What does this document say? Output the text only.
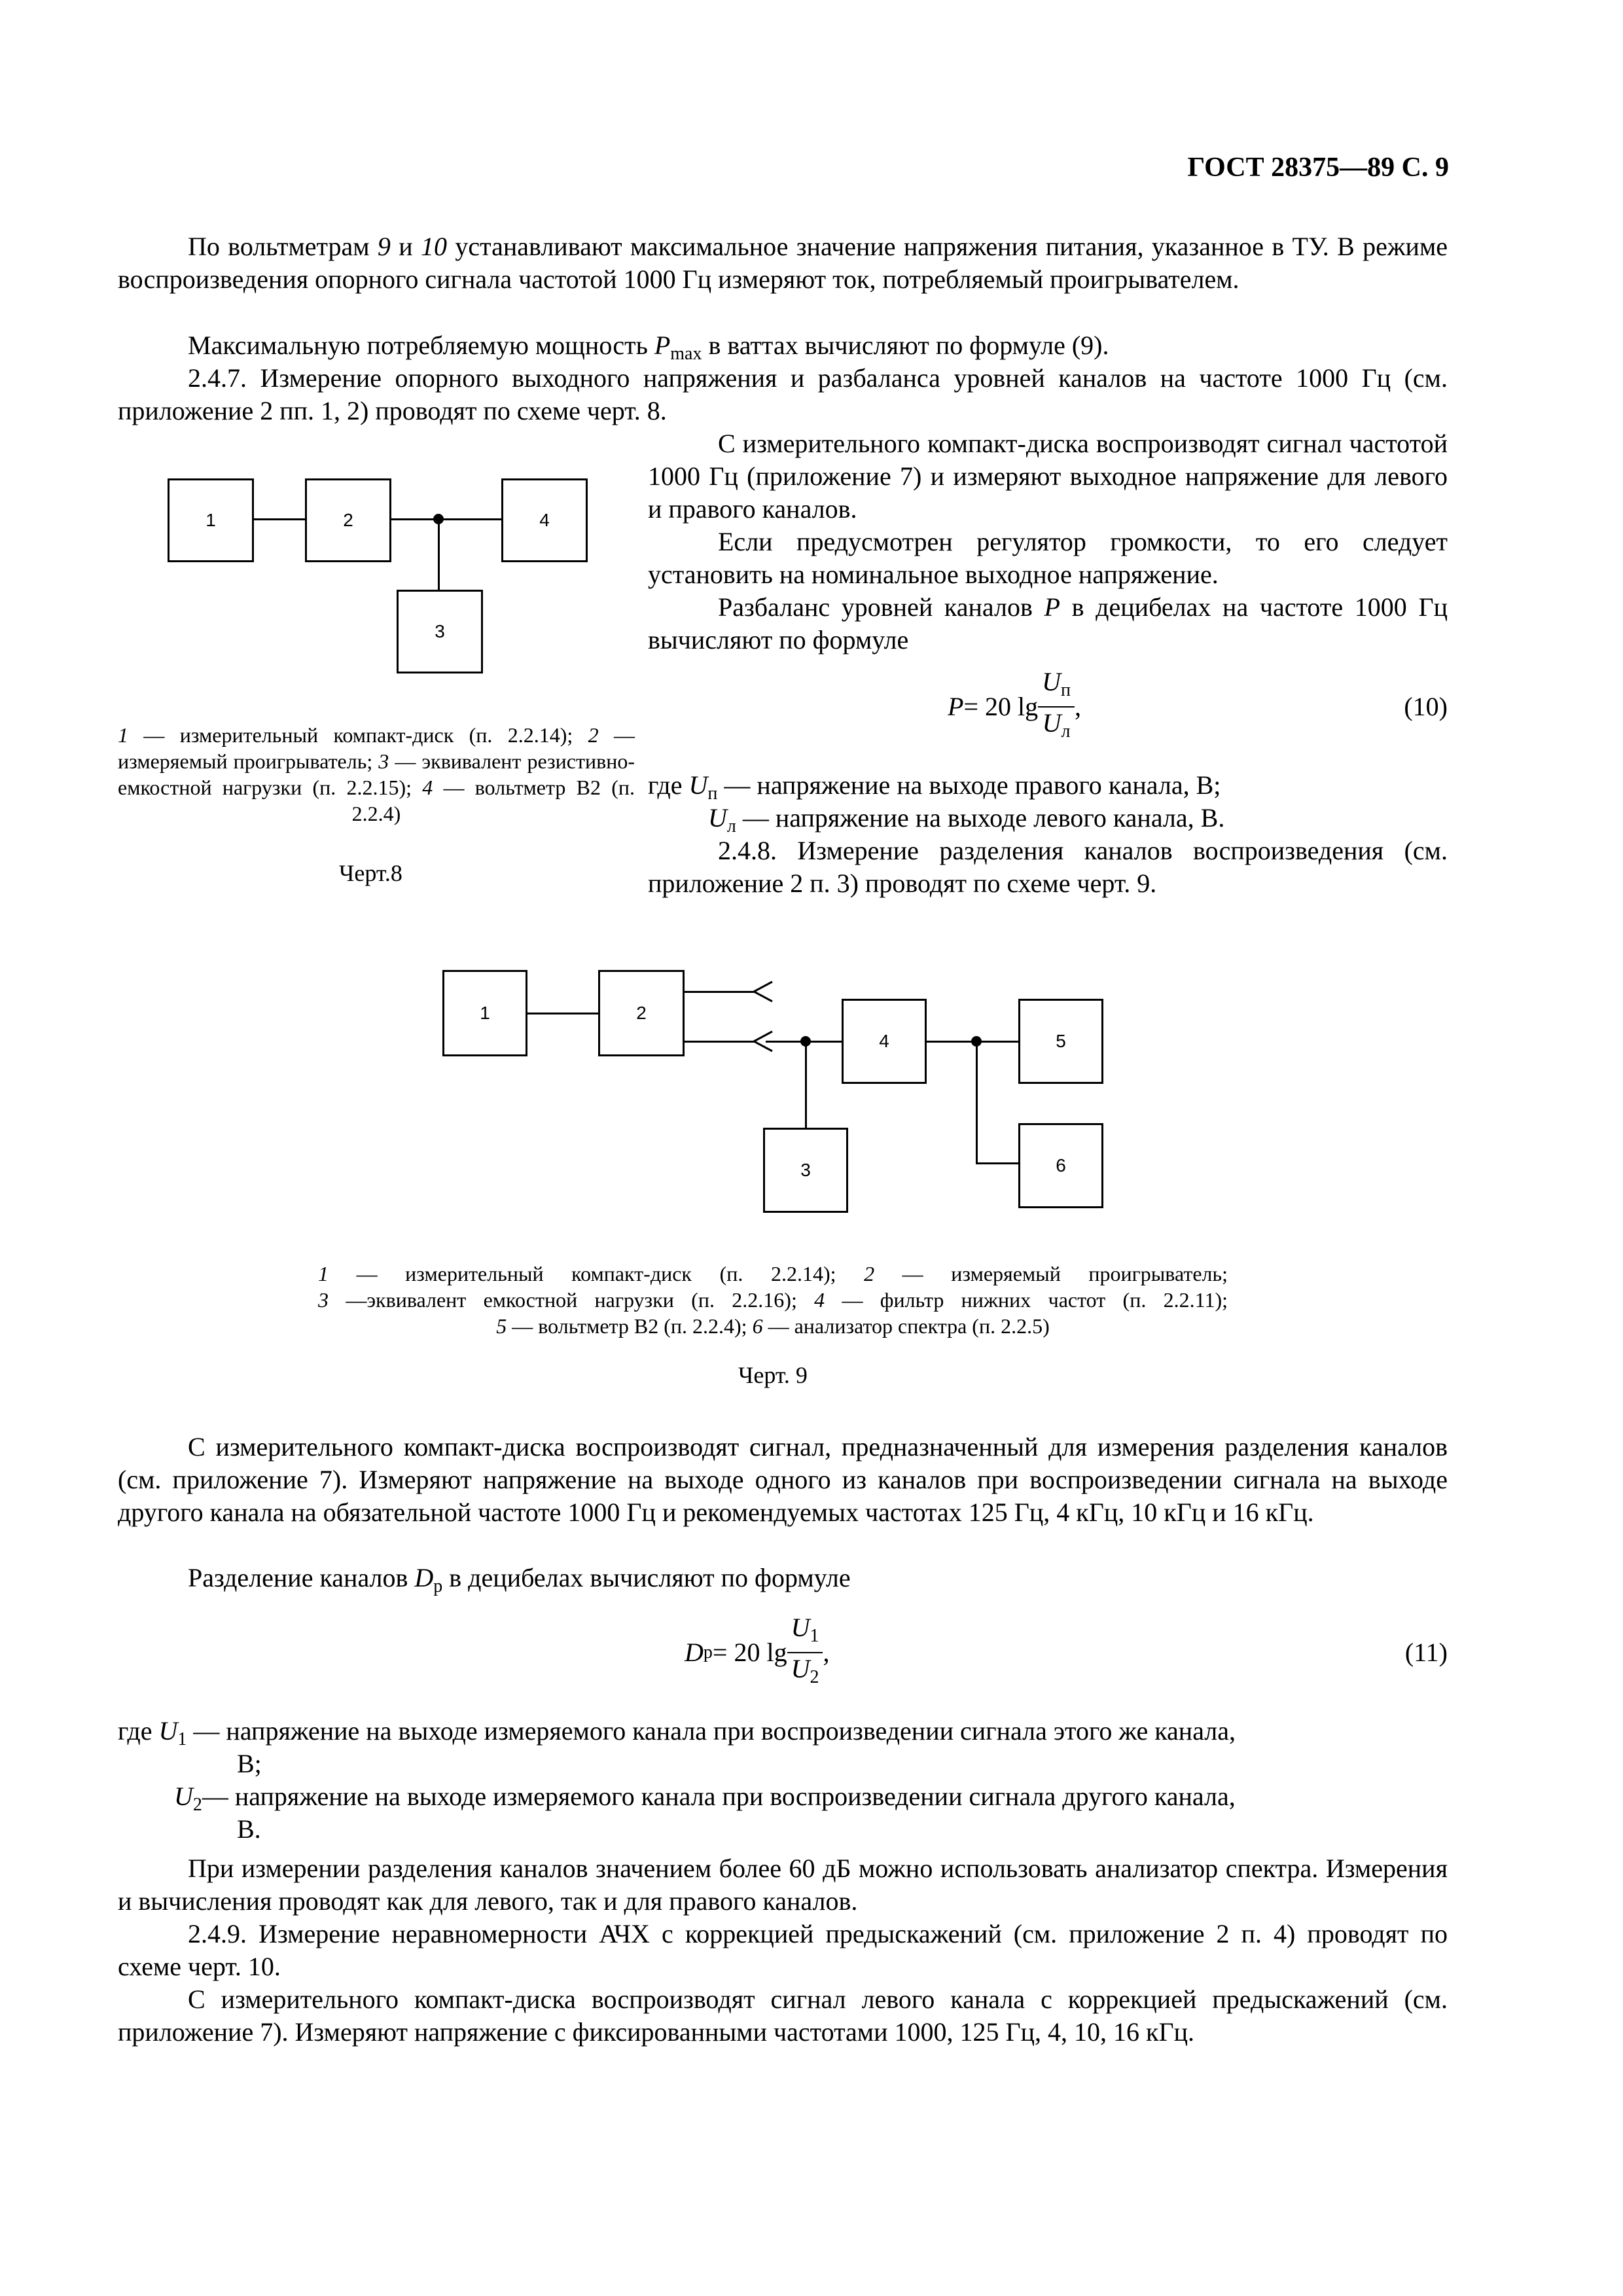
ГОСТ 28375—89 С. 9
По вольтметрам 9 и 10 устанавливают максимальное значение напряжения питания, указанное в ТУ. В режиме воспроизведения опорного сигнала частотой 1000 Гц измеряют ток, потребляемый проигрывателем.
Максимальную потребляемую мощность $P_{max}$ в ваттах вычисляют по формуле (9).
2.4.7. Измерение опорного выходного напряжения и разбаланса уровней каналов на частоте 1000 Гц (см. приложение 2 пп. 1, 2) проводят по схеме черт. 8.
С измерительного компакт-диска воспроизводят сигнал частотой 1000 Гц (приложение 7) и измеряют выходное напряжение для левого и правого каналов.
Если предусмотрен регулятор громкости, то его следует установить на номинальное выходное напряжение.
Разбаланс уровней каналов P в децибелах на частоте 1000 Гц вычисляют по формуле
P = 20 $\lg \frac{U_п}{U_л}$ ,	(10)
где $U_п$ — напряжение на выходе правого канала, В;
$U_л$ — напряжение на выходе левого канала, В.
2.4.8. Измерение разделения каналов воспроизведения (см. приложение 2 п. 3) проводят по схеме черт. 9.
1	2	4
3
1 — измерительный компакт-диск (п. 2.2.14); 2 — измеряемый проигрыватель; 3 — эквивалент резистивно-емкостной нагрузки (п. 2.2.15); 4 — вольтметр В2 (п. 2.2.4)
Черт.8
1	2
4	5
3	6
1 — измерительный компакт-диск (п. 2.2.14); 2 — измеряемый проигрыватель;
3 —эквивалент емкостной нагрузки (п. 2.2.16); 4 — фильтр нижних частот (п. 2.2.11);
5 — вольтметр В2 (п. 2.2.4); 6 — анализатор спектра (п. 2.2.5)
Черт. 9
С измерительного компакт-диска воспроизводят сигнал, предназначенный для измерения разделения каналов (см. приложение 7). Измеряют напряжение на выходе одного из каналов при воспроизведении сигнала на выходе другого канала на обязательной частоте 1000 Гц и рекомендуемых частотах 125 Гц, 4 кГц, 10 кГц и 16 кГц.
Разделение каналов $D_р$ в децибелах вычисляют по формуле
D р = 20 $\lg \frac{U_1}{U_2}$ ,	(11)
где $U_1$ — напряжение на выходе измеряемого канала при воспроизведении сигнала этого же канала,
В;
$U_2—$ напряжение на выходе измеряемого канала при воспроизведении сигнала другого канала,
В.
При измерении разделения каналов значением более 60 дБ можно использовать анализатор спектра. Измерения и вычисления проводят как для левого, так и для правого каналов.
2.4.9. Измерение неравномерности АЧХ с коррекцией предыскажений (см. приложение 2 п. 4) проводят по схеме черт. 10.
С измерительного компакт-диска воспроизводят сигнал левого канала с коррекцией предыскажений (см. приложение 7). Измеряют напряжение с фиксированными частотами 1000, 125 Гц, 4, 10, 16 кГц.
